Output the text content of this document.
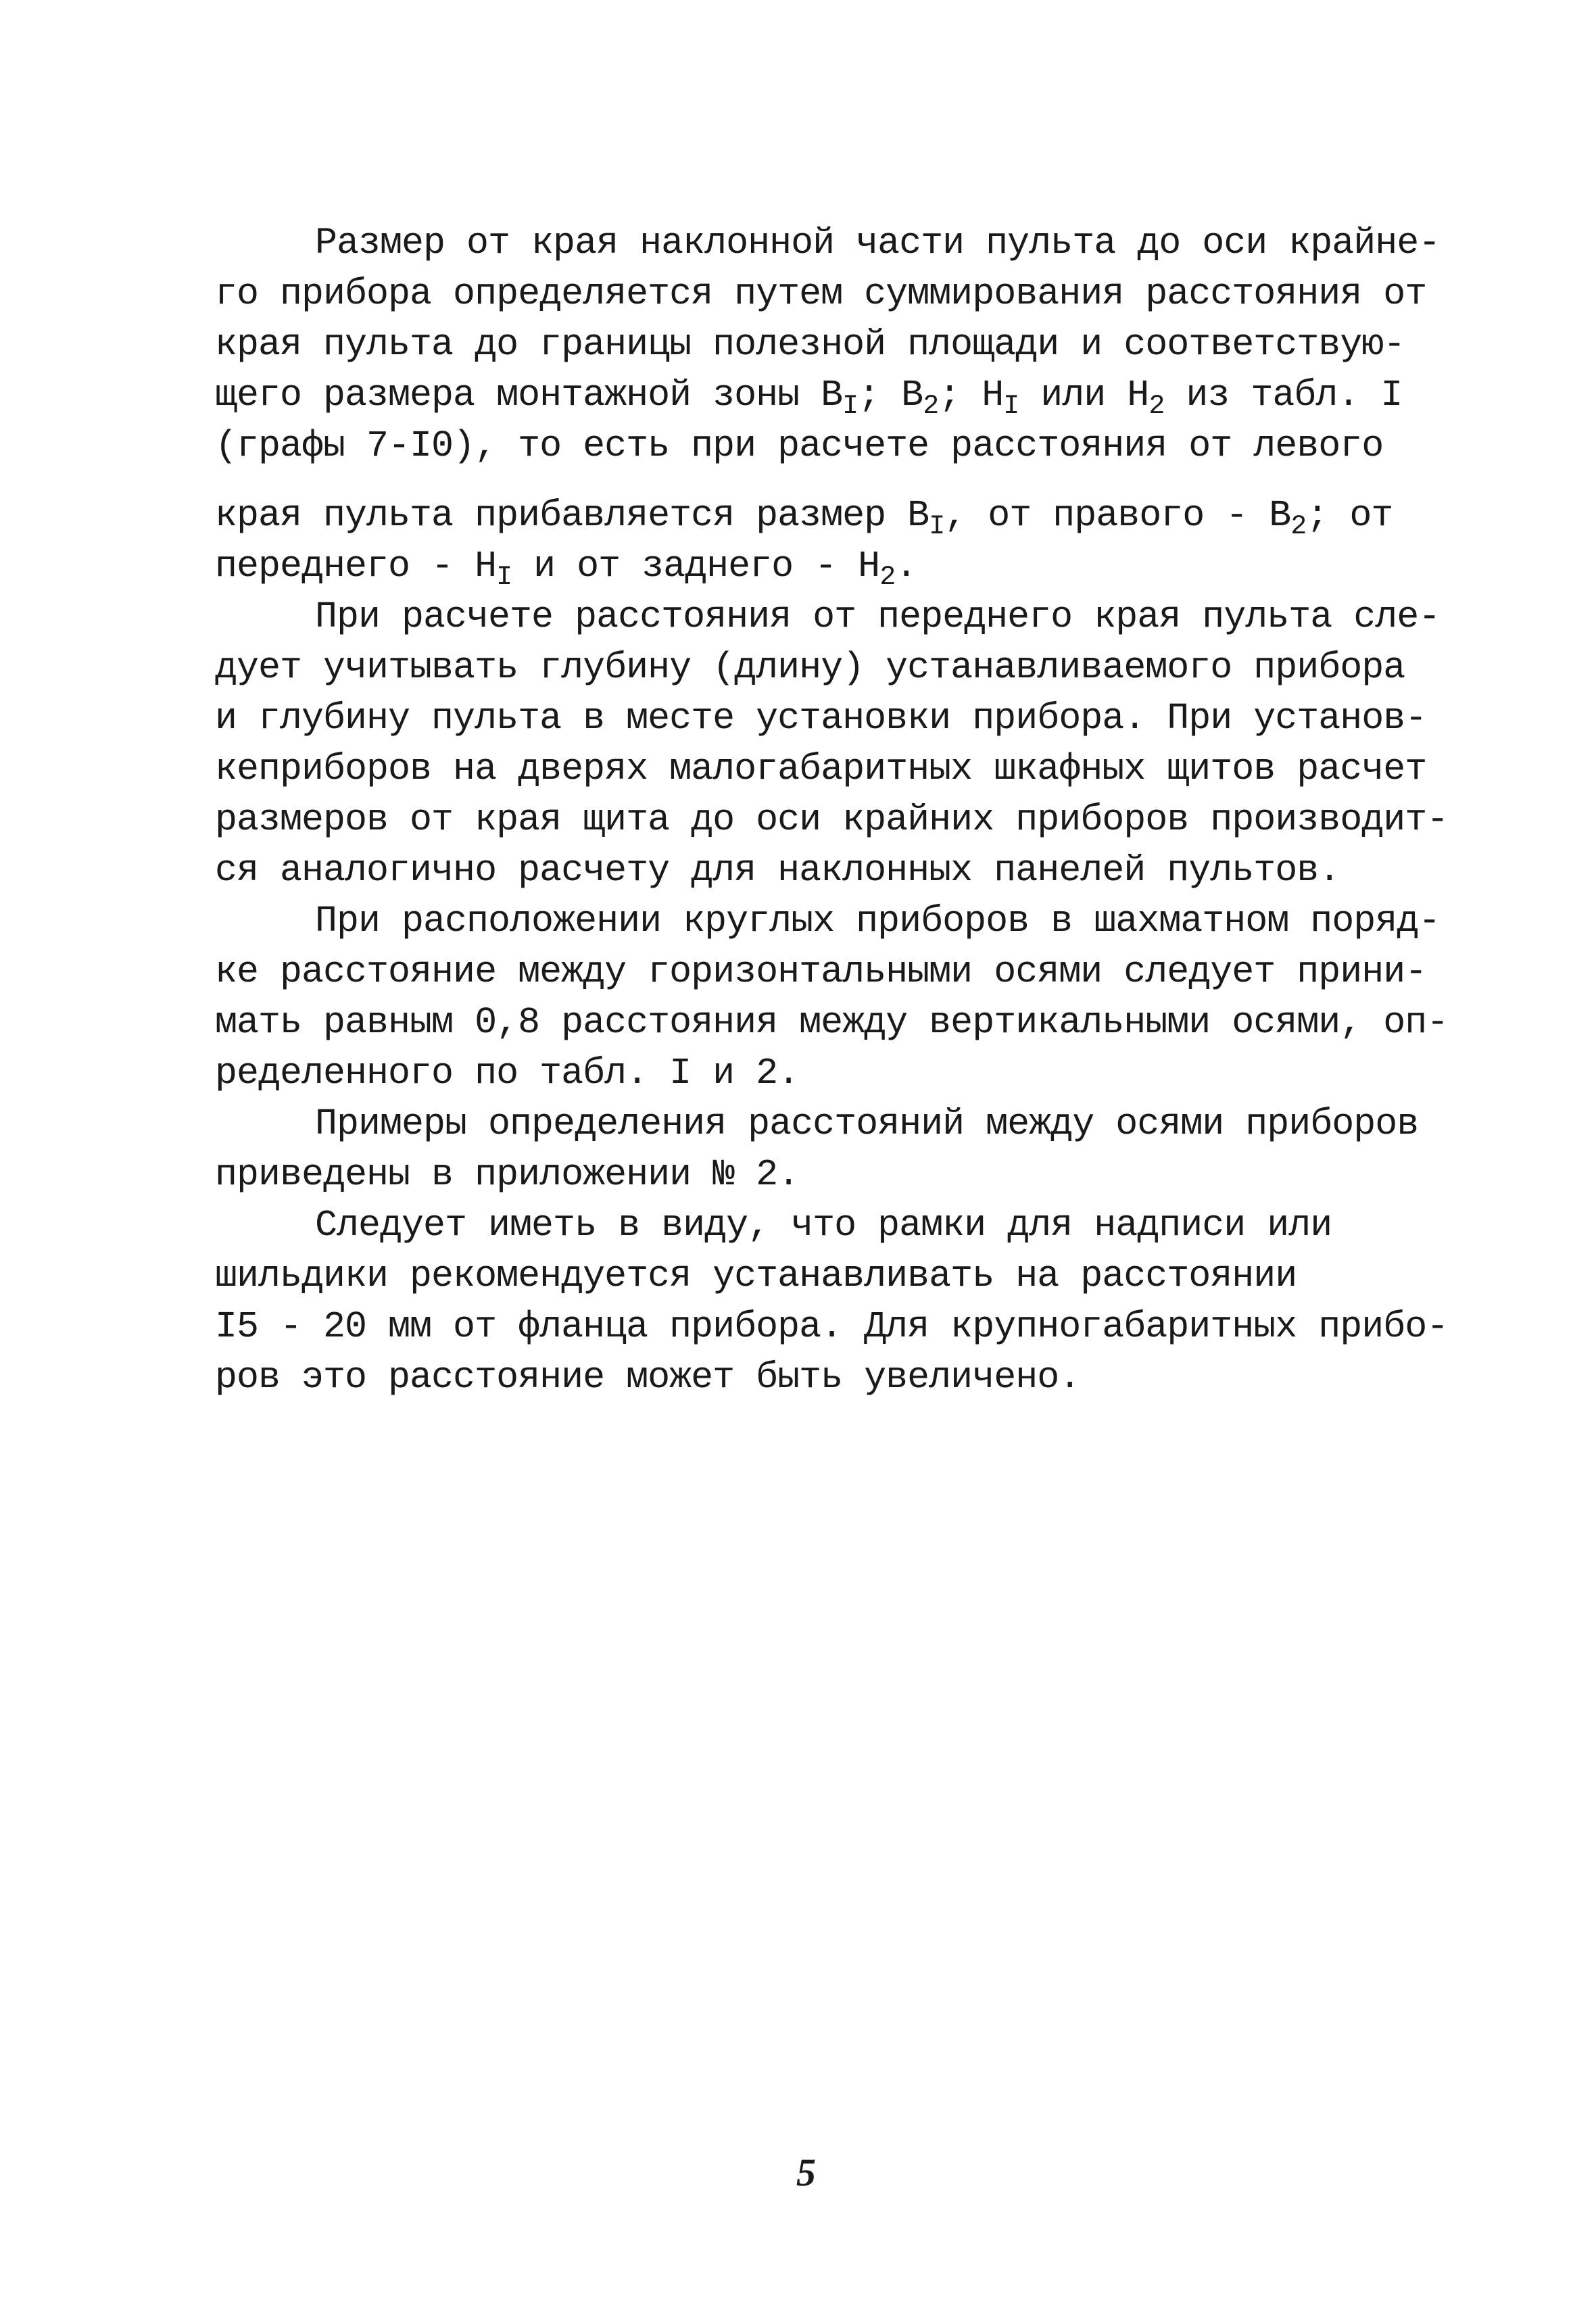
Размер от края наклонной части пульта до оси крайне-
го прибора определяется путем суммирования расстояния от
края пульта до границы полезной площади и соответствую-
щего размера монтажной зоны $B_I$; $B_2$; $H_I$ или $H_2$ из табл. I
(графы 7-I0), то есть при расчете расстояния от левого
края пульта прибавляется размер $B_I$, от правого - $B_2$; от
переднего - $H_I$ и от заднего - $H_2$.
При расчете расстояния от переднего края пульта сле-
дует учитывать глубину (длину) устанавливаемого прибора
и глубину пульта в месте установки прибора. При установ-
кеприборов на дверях малогабаритных шкафных щитов расчет
размеров от края щита до оси крайних приборов производит-
ся аналогично расчету для наклонных панелей пультов.
При расположении круглых приборов в шахматном поряд-
ке расстояние между горизонтальными осями следует прини-
мать равным 0,8 расстояния между вертикальными осями, оп-
ределенного по табл. I и 2.
Примеры определения расстояний между осями приборов
приведены в приложении № 2.
Следует иметь в виду, что рамки для надписи или
шильдики рекомендуется устанавливать на расстоянии
I5 - 20 мм от фланца прибора. Для крупногабаритных прибо-
ров это расстояние может быть увеличено.
5
